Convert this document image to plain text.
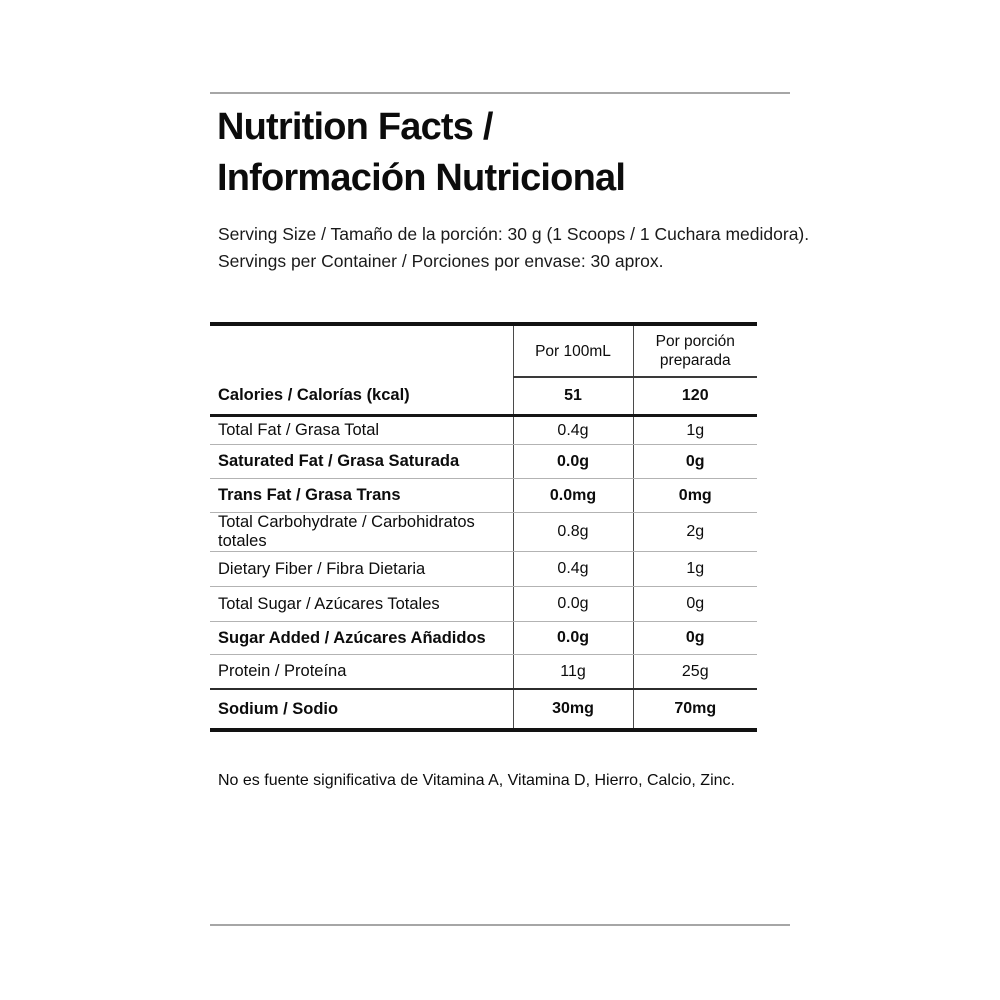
Nutrition Facts /
Información Nutricional

Serving Size / Tamaño de la porción: 30 g (1 Scoops / 1 Cuchara medidora).
Servings per Container / Porciones por envase: 30 aprox.

	Por 100mL	Por porción preparada
Calories / Calorías (kcal)	51	120
Total Fat / Grasa Total	0.4g	1g
Saturated Fat / Grasa Saturada	0.0g	0g
Trans Fat / Grasa Trans	0.0mg	0mg
Total Carbohydrate / Carbohidratos totales	0.8g	2g
Dietary Fiber / Fibra Dietaria	0.4g	1g
Total Sugar / Azúcares Totales	0.0g	0g
Sugar Added / Azúcares Añadidos	0.0g	0g
Protein / Proteína	11g	25g
Sodium / Sodio	30mg	70mg

No es fuente significativa de Vitamina A, Vitamina D, Hierro, Calcio, Zinc.
